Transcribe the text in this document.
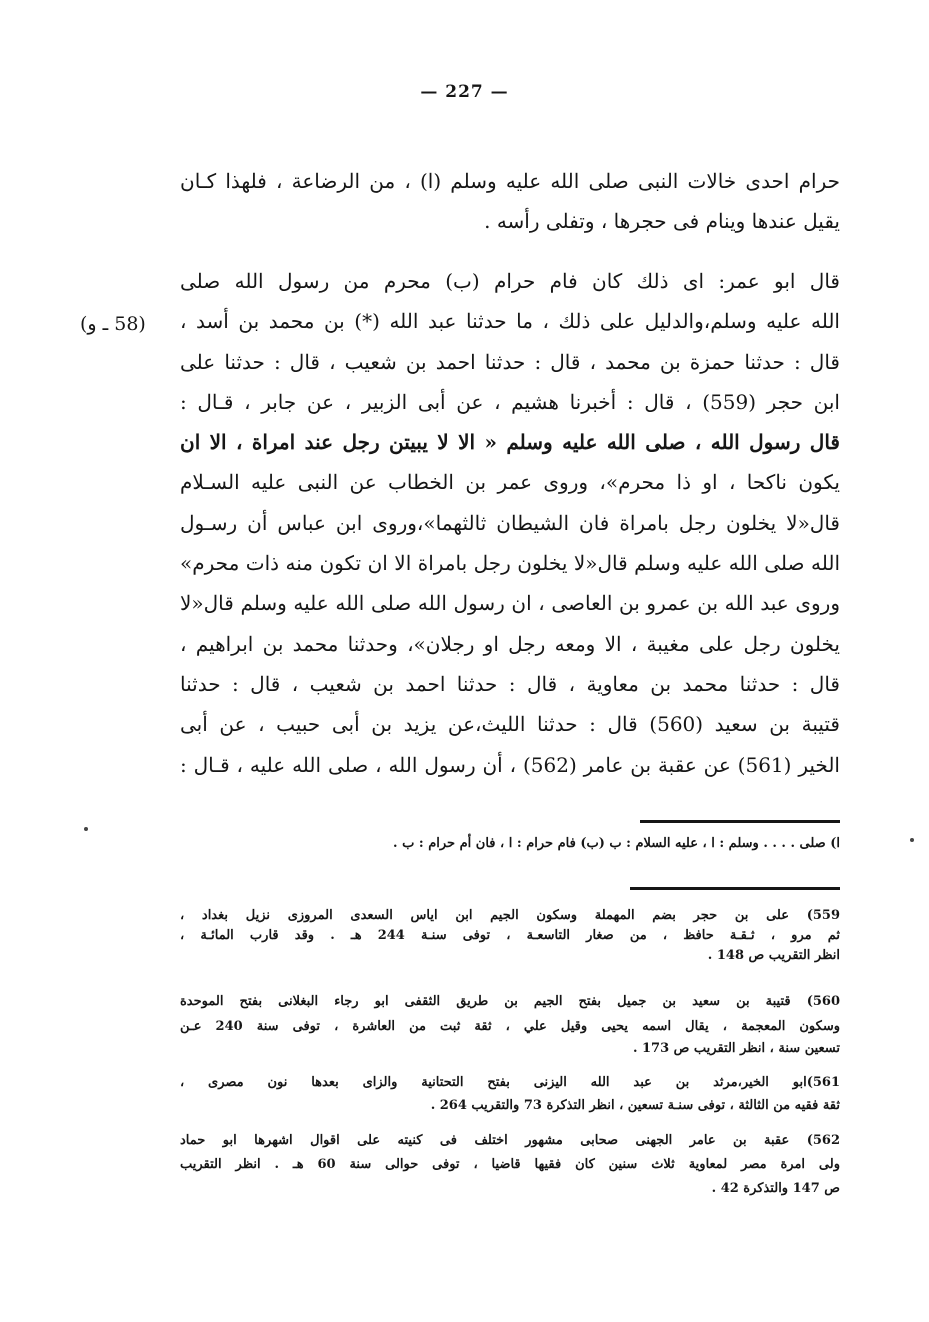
— 227 —
حرام احدى خالات النبى صلى الله عليه وسلم (ا) ، من الرضاعة ، فلهذا كـان
يقيل عندها وينام فى حجرها ، وتفلى رأسه .
قال ابو عمر: اى ذلك كان فام حرام (ب) محرم من رسول الله صلى
الله عليه وسلم،والدليل على ذلك ، ما حدثنا عبد الله (*) بن محمد بن أسد ،
قال : حدثنا حمزة بن محمد ، قال : حدثنا احمد بن شعيب ، قال : حدثنا على
ابن حجر (559) ، قال : أخبرنا هشيم ، عن أبى الزبير ، عن جابر ، قـال :
قال رسول الله ، صلى الله عليه وسلم « الا لا يبيتن رجل عند امراة ، الا ان
يكون ناكحا ، او ذا محرم»، وروى عمر بن الخطاب عن النبى عليه السـلام
قال«لا يخلون رجل بامراة فان الشيطان ثالثهما»،وروى ابن عباس أن رسـول
الله صلى الله عليه وسلم قال«لا يخلون رجل بامراة الا ان تكون منه ذات محرم»
وروى عبد الله بن عمرو بن العاصى ، ان رسول الله صلى الله عليه وسلم قال«لا
يخلون رجل على مغيبة ، الا ومعه رجل او رجلان»، وحدثنا محمد بن ابراهيم ،
قال : حدثنا محمد بن معاوية ، قال : حدثنا احمد بن شعيب ، قال : حدثنا
قتيبة بن سعيد (560) قال : حدثنا الليث،عن يزيد بن أبى حبيب ، عن أبى
الخير (561) عن عقبة بن عامر (562) ، أن رسول الله ، صلى الله عليه ، قـال :
(58 ـ و)
ا) صلى . . . . وسلم : ا ، عليه السلام : ب (ب) فام حرام : ا ، فان أم حرام : ب .
559) على بن حجر بضم المهملة وسكون الجيم ابن اياس السعدى المروزى نزيل بغداد ،
ثم مرو ، ثـقـة حافظ ، من صغار التاسعـة ، توفى سنـة 244 هـ . وقد قارب المائـة ،
انظر التقريب ص 148 .
560) قتيبة بن سعيد بن جميل بفتح الجيم بن طريق الثقفى ابو رجاء البغلانى بفتح الموحدة
وسكون المعجمة ، يقال اسمه يحيى وقيل علي ، ثقة ثبت من العاشرة ، توفى سنة 240 عـن
تسعين سنة ، انظر التقريب ص 173 .
561)ابو الخير،مرثد بن عبد الله اليزنى بفتح التحتانية والزاى بعدها نون مصرى ،
ثقة فقيه من الثالثة ، توفى سنـة تسعين ، انظر التذكرة 73 والتقريب 264 .
562) عقبة بن عامر الجهنى صحابى مشهور اختلف فى كنيته على اقوال اشهرها ابو حماد
ولى امرة مصر لمعاوية ثلاث سنين كان فقيها قاضيا ، توفى حوالى سنة 60 هـ . انظر التقريب
ص 147 والتذكرة 42 .
